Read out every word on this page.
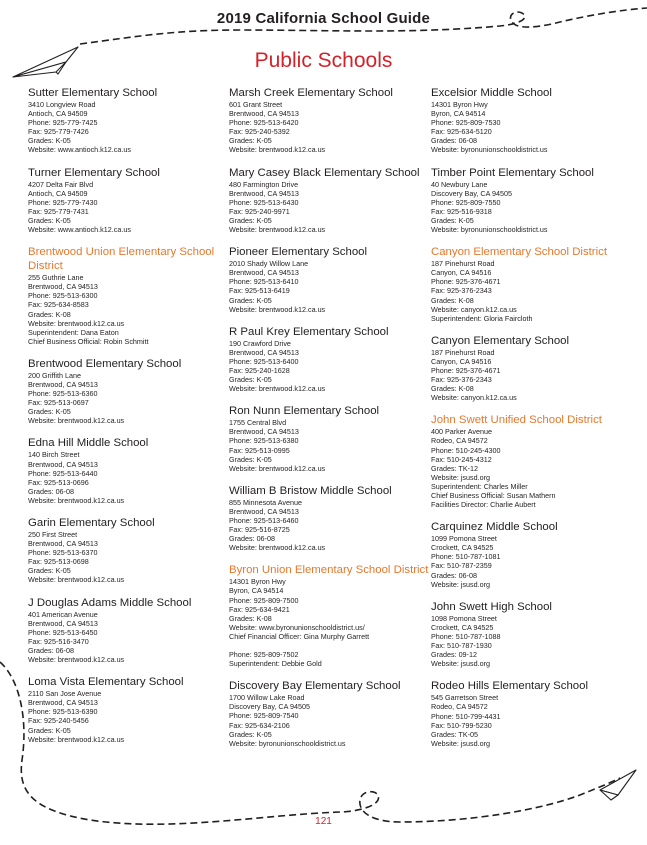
2019 California School Guide
Public Schools
Sutter Elementary School
3410 Longview Road
Antioch, CA 94509
Phone: 925-779-7425
Fax: 925-779-7426
Grades: K-05
Website: www.antioch.k12.ca.us
Turner Elementary School
4207 Delta Fair Blvd
Antioch, CA 94509
Phone: 925-779-7430
Fax: 925-779-7431
Grades: K-05
Website: www.antioch.k12.ca.us
Brentwood Union Elementary School District
255 Guthrie Lane
Brentwood, CA 94513
Phone: 925-513-6300
Fax: 925-634-8583
Grades: K-08
Website: brentwood.k12.ca.us
Superintendent: Dana Eaton
Chief Business Official: Robin Schmitt
Brentwood Elementary School
200 Griffith Lane
Brentwood, CA 94513
Phone: 925-513-6360
Fax: 925-513-0697
Grades: K-05
Website: brentwood.k12.ca.us
Edna Hill Middle School
140 Birch Street
Brentwood, CA 94513
Phone: 925-513-6440
Fax: 925-513-0696
Grades: 06-08
Website: brentwood.k12.ca.us
Garin Elementary School
250 First Street
Brentwood, CA 94513
Phone: 925-513-6370
Fax: 925-513-0698
Grades: K-05
Website: brentwood.k12.ca.us
J Douglas Adams Middle School
401 American Avenue
Brentwood, CA 94513
Phone: 925-513-6450
Fax: 925-516-3470
Grades: 06-08
Website: brentwood.k12.ca.us
Loma Vista Elementary School
2110 San Jose Avenue
Brentwood, CA 94513
Phone: 925-513-6390
Fax: 925-240-5456
Grades: K-05
Website: brentwood.k12.ca.us
Marsh Creek Elementary School
601 Grant Street
Brentwood, CA 94513
Phone: 925-513-6420
Fax: 925-240-5392
Grades: K-05
Website: brentwood.k12.ca.us
Mary Casey Black Elementary School
480 Farmington Drive
Brentwood, CA 94513
Phone: 925-513-6430
Fax: 925-240-9971
Grades: K-05
Website: brentwood.k12.ca.us
Pioneer Elementary School
2010 Shady Willow Lane
Brentwood, CA 94513
Phone: 925-513-6410
Fax: 925-513-6419
Grades: K-05
Website: brentwood.k12.ca.us
R Paul Krey Elementary School
190 Crawford Drive
Brentwood, CA 94513
Phone: 925-513-6400
Fax: 925-240-1628
Grades: K-05
Website: brentwood.k12.ca.us
Ron Nunn Elementary School
1755 Central Blvd
Brentwood, CA 94513
Phone: 925-513-6380
Fax: 925-513-0995
Grades: K-05
Website: brentwood.k12.ca.us
William B Bristow Middle School
855 Minnesota Avenue
Brentwood, CA 94513
Phone: 925-513-6460
Fax: 925-516-8725
Grades: 06-08
Website: brentwood.k12.ca.us
Byron Union Elementary School District
14301 Byron Hwy
Byron, CA 94514
Phone: 925-809-7500
Fax: 925-634-9421
Grades: K-08
Website: www.byronunionschooldistrict.us/
Chief Financial Officer: Gina Murphy Garrett
Phone: 925-809-7502
Superintendent: Debbie Gold
Discovery Bay Elementary School
1700 Willow Lake Road
Discovery Bay, CA 94505
Phone: 925-809-7540
Fax: 925-634-2106
Grades: K-05
Website: byronunionschooldistrict.us
Excelsior Middle School
14301 Byron Hwy
Byron, CA 94514
Phone: 925-809-7530
Fax: 925-634-5120
Grades: 06-08
Website: byronunionschooldistrict.us
Timber Point Elementary School
40 Newbury Lane
Discovery Bay, CA 94505
Phone: 925-809-7550
Fax: 925-516-9318
Grades: K-05
Website: byronunionschooldistrict.us
Canyon Elementary School District
187 Pinehurst Road
Canyon, CA 94516
Phone: 925-376-4671
Fax: 925-376-2343
Grades: K-08
Website: canyon.k12.ca.us
Superintendent: Gloria Faircloth
Canyon Elementary School
187 Pinehurst Road
Canyon, CA 94516
Phone: 925-376-4671
Fax: 925-376-2343
Grades: K-08
Website: canyon.k12.ca.us
John Swett Unified School District
400 Parker Avenue
Rodeo, CA 94572
Phone: 510-245-4300
Fax: 510-245-4312
Grades: TK-12
Website: jsusd.org
Superintendent: Charles Miller
Chief Business Official: Susan Mathern
Facilities Director: Charlie Aubert
Carquinez Middle School
1099 Pomona Street
Crockett, CA 94525
Phone: 510-787-1081
Fax: 510-787-2359
Grades: 06-08
Website: jsusd.org
John Swett High School
1098 Pomona Street
Crockett, CA 94525
Phone: 510-787-1088
Fax: 510-787-1930
Grades: 09-12
Website: jsusd.org
Rodeo Hills Elementary School
545 Garretson Street
Rodeo, CA 94572
Phone: 510-799-4431
Fax: 510-799-5230
Grades: TK-05
Website: jsusd.org
121
